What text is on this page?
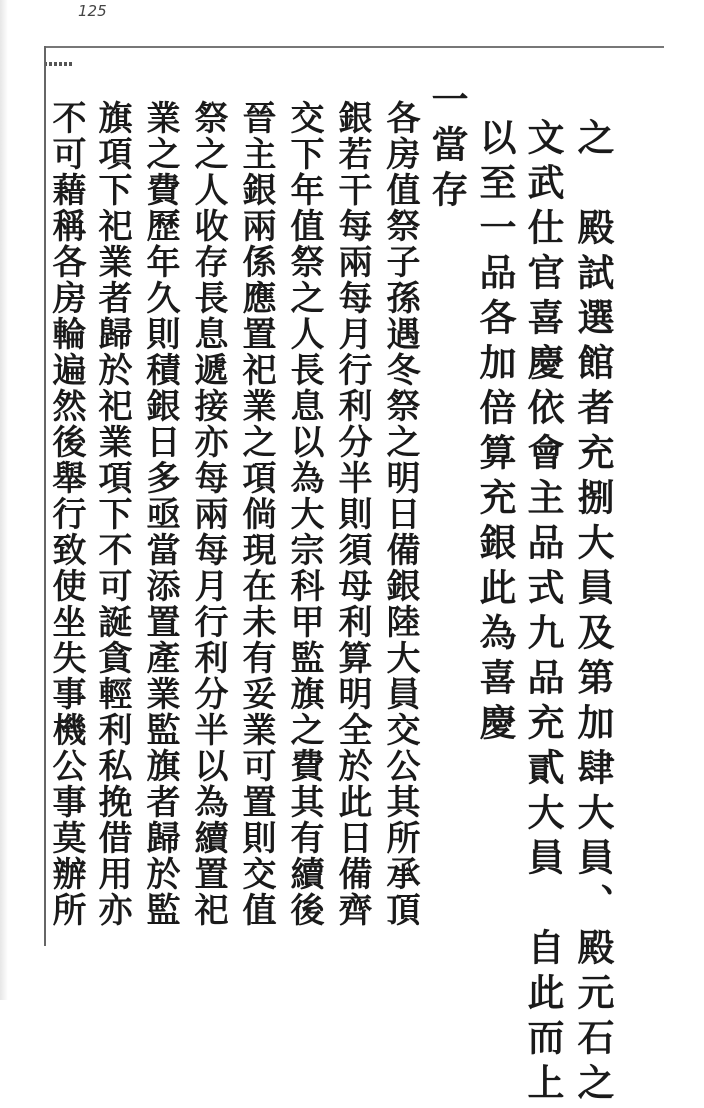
125
之　殿試選館者充捌大員及第加肆大員、殿元石之
文武仕官喜慶依會主品式九品充貳大員　自此而上
以至一品各加倍算充銀此為喜慶
一當存
各房值祭子孫遇冬祭之明日備銀陸大員交公其所承頂
銀若干每兩每月行利分半則須母利算明全於此日備齊
交下年值祭之人長息以為大宗科甲監旗之費其有續後
晉主銀兩係應置祀業之項倘現在未有妥業可置則交值
祭之人收存長息遞接亦每兩每月行利分半以為續置祀
業之費歷年久則積銀日多亟當添置產業監旗者歸於監
旗項下祀業者歸於祀業項下不可誕貪輕利私挽借用亦
不可藉稱各房輪遍然後舉行致使坐失事機公事莫辦所
